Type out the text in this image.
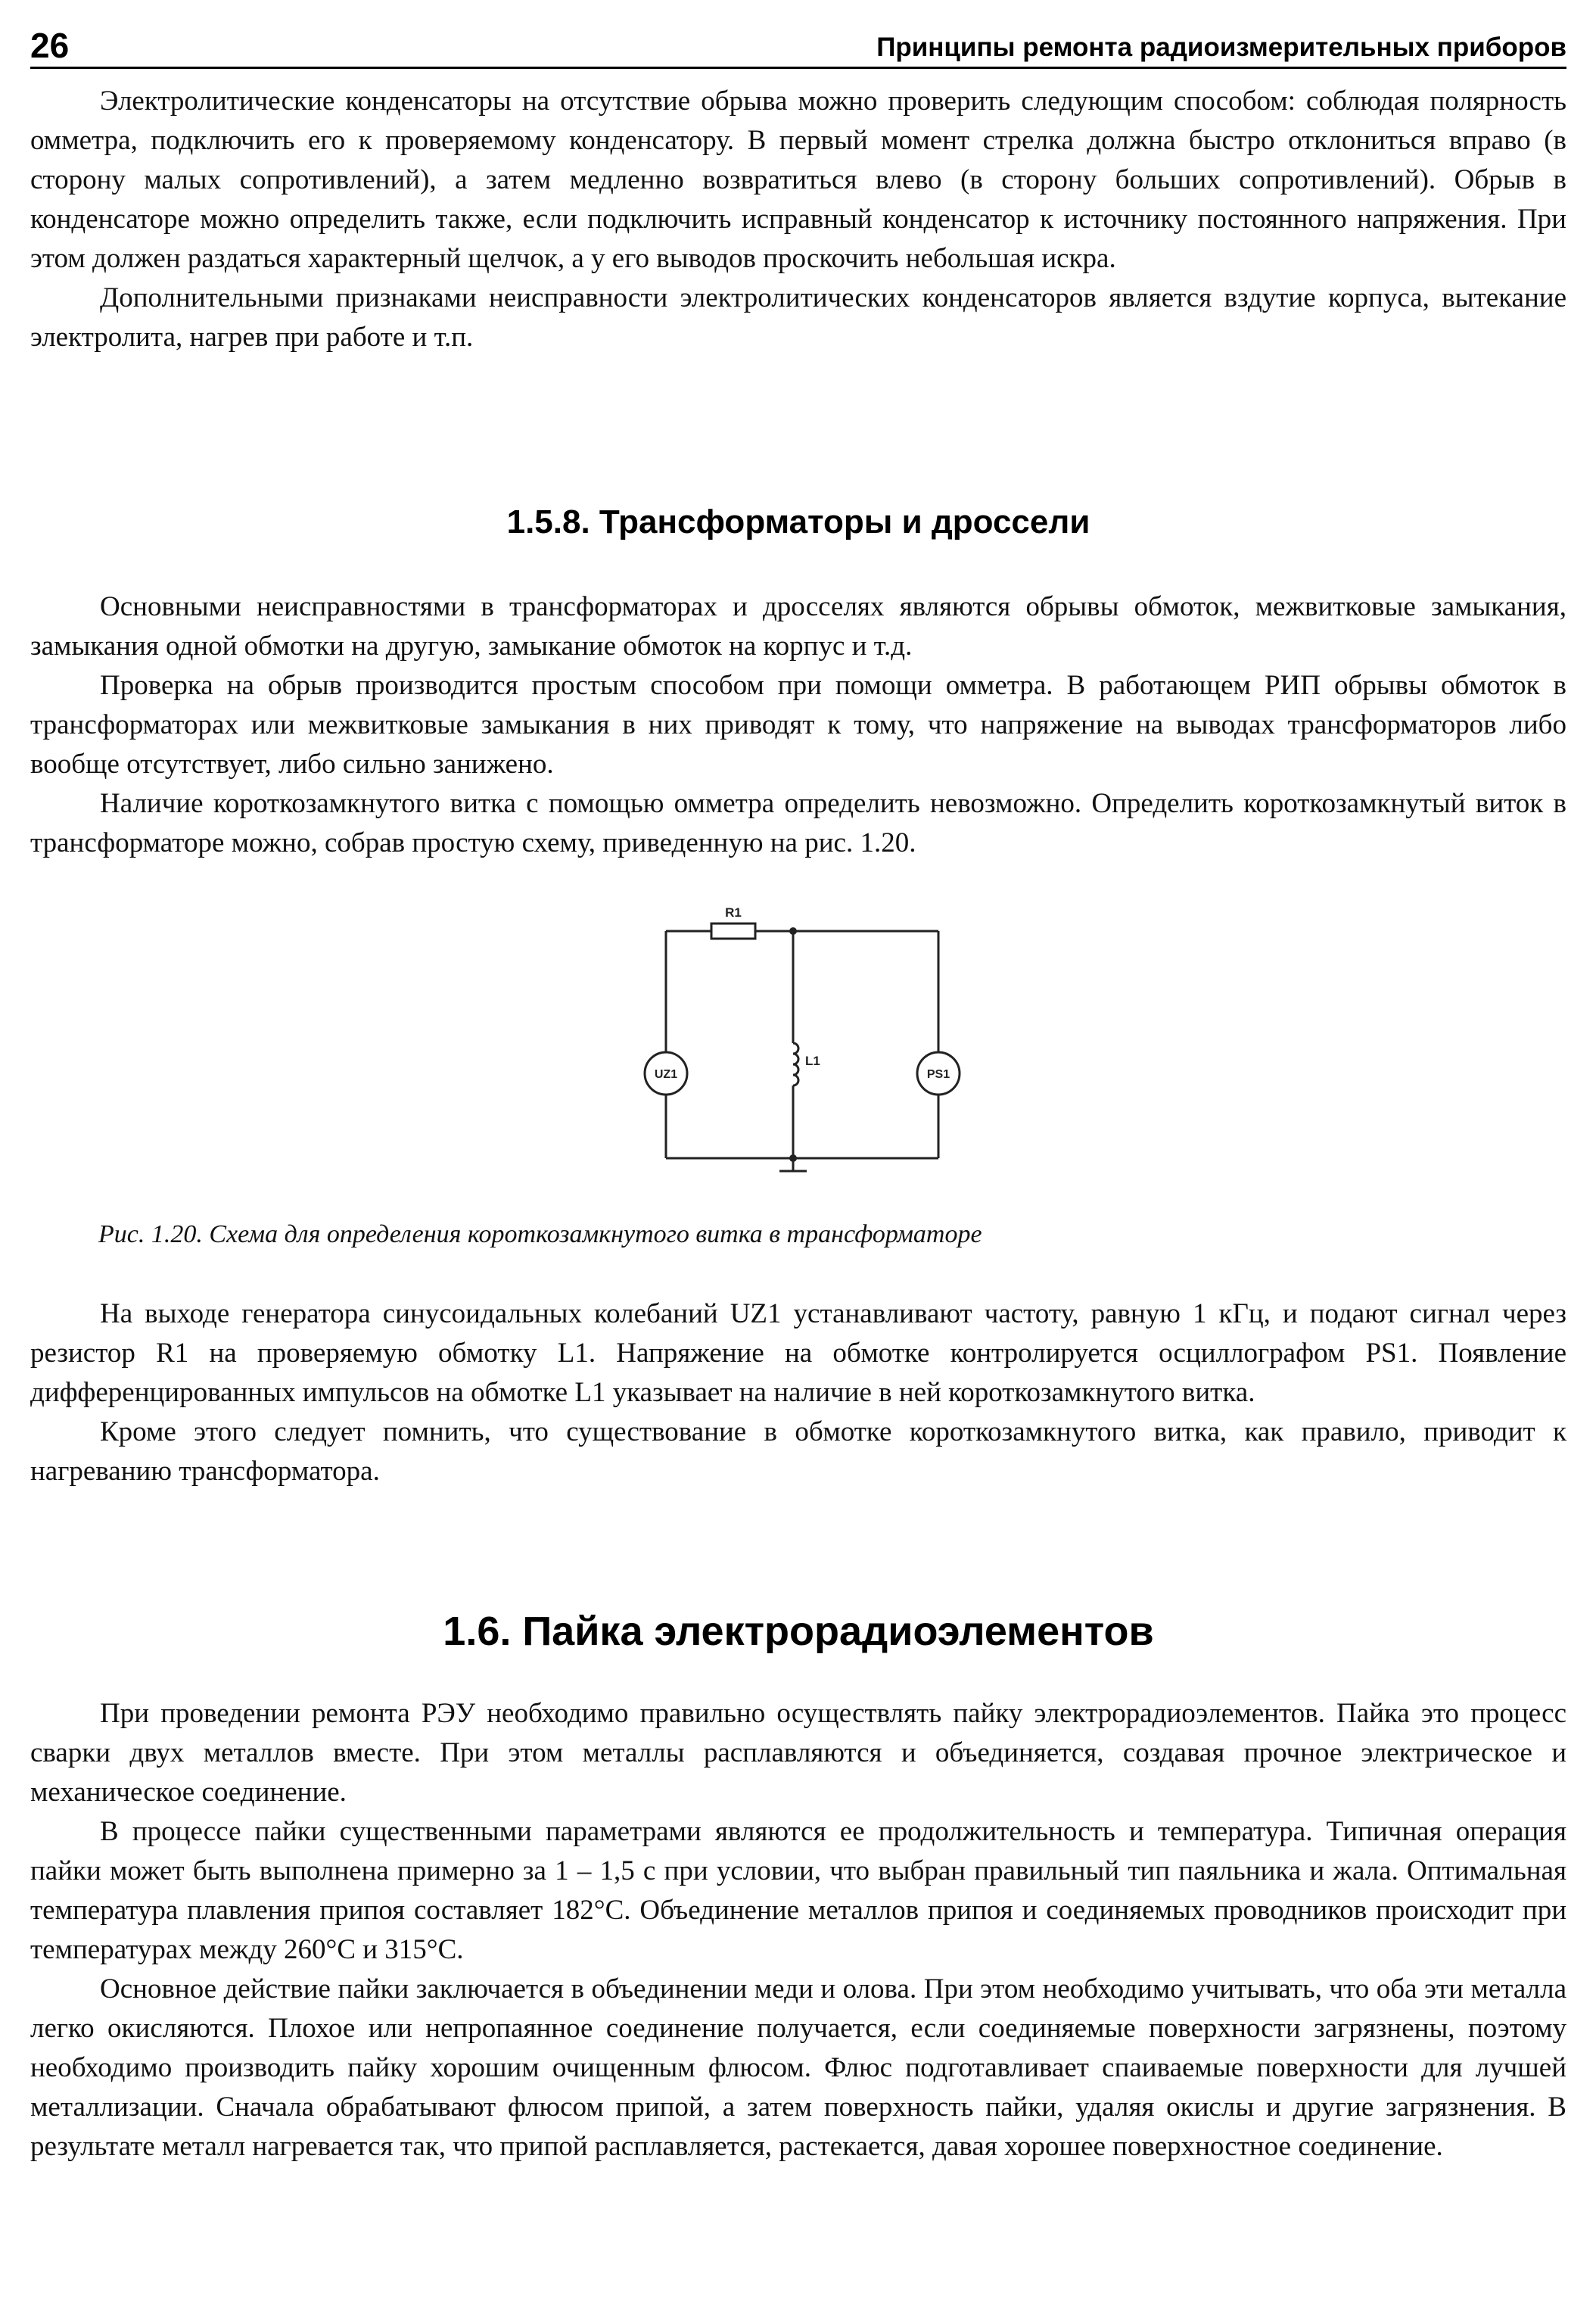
26	Принципы ремонта радиоизмерительных приборов

Электролитические конденсаторы на отсутствие обрыва можно проверить следующим способом: соблюдая полярность омметра, подключить его к проверяемому конденсатору. В первый момент стрелка должна быстро отклониться вправо (в сторону малых сопротивлений), а затем медленно возвратиться влево (в сторону больших сопротивлений). Обрыв в конденсаторе можно определить также, если подключить исправный конденсатор к источнику постоянного напряжения. При этом должен раздаться характерный щелчок, а у его выводов проскочить небольшая искра.

Дополнительными признаками неисправности электролитических конденсаторов является вздутие корпуса, вытекание электролита, нагрев при работе и т.п.

1.5.8. Трансформаторы и дроссели

Основными неисправностями в трансформаторах и дросселях являются обрывы обмоток, межвитковые замыкания, замыкания одной обмотки на другую, замыкание обмоток на корпус и т.д.

Проверка на обрыв производится простым способом при помощи омметра. В работающем РИП обрывы обмоток в трансформаторах или межвитковые замыкания в них приводят к тому, что напряжение на выводах трансформаторов либо вообще отсутствует, либо сильно занижено.

Наличие короткозамкнутого витка с помощью омметра определить невозможно. Определить короткозамкнутый виток в трансформаторе можно, собрав простую схему, приведенную на рис. 1.20.

R1
L1
UZ1	PS1
Рис. 1.20. Схема для определения короткозамкнутого витка в трансформаторе

На выходе генератора синусоидальных колебаний UZ1 устанавливают частоту, равную 1 кГц, и подают сигнал через резистор R1 на проверяемую обмотку L1. Напряжение на обмотке контролируется осциллографом PS1. Появление дифференцированных импульсов на обмотке L1 указывает на наличие в ней короткозамкнутого витка.

Кроме этого следует помнить, что существование в обмотке короткозамкнутого витка, как правило, приводит к нагреванию трансформатора.

1.6. Пайка электрорадиоэлементов

При проведении ремонта РЭУ необходимо правильно осуществлять пайку электрорадиоэлементов. Пайка это процесс сварки двух металлов вместе. При этом металлы расплавляются и объединяется, создавая прочное электрическое и механическое соединение.

В процессе пайки существенными параметрами являются ее продолжительность и температура. Типичная операция пайки может быть выполнена примерно за 1 – 1,5 с при условии, что выбран правильный тип паяльника и жала. Оптимальная температура плавления припоя составляет 182°С. Объединение металлов припоя и соединяемых проводников происходит при температурах между 260°С и 315°С.

Основное действие пайки заключается в объединении меди и олова. При этом необходимо учитывать, что оба эти металла легко окисляются. Плохое или непропаянное соединение получается, если соединяемые поверхности загрязнены, поэтому необходимо производить пайку хорошим очищенным флюсом. Флюс подготавливает спаиваемые поверхности для лучшей металлизации. Сначала обрабатывают флюсом припой, а затем поверхность пайки, удаляя окислы и другие загрязнения. В результате металл нагревается так, что припой расплавляется, растекается, давая хорошее поверхностное соединение.
